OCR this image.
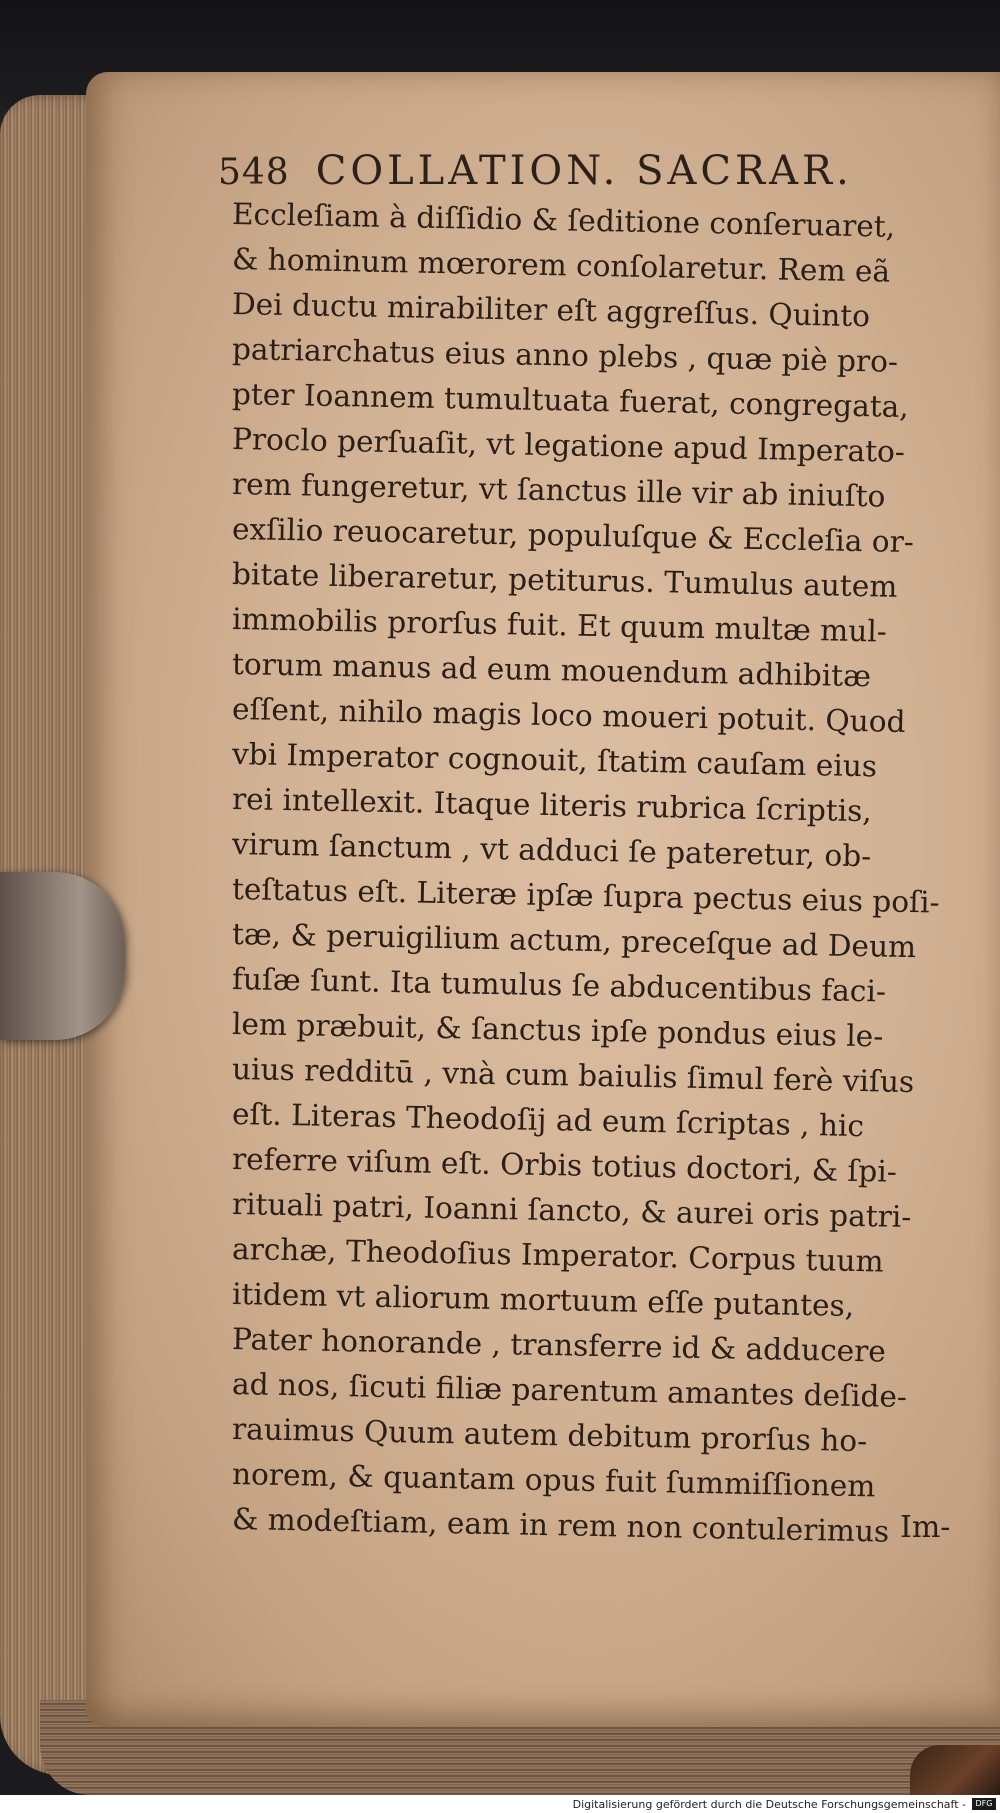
548 COLLATION. SACRAR.
Eccleſiam à diſſidio & ſeditione conſeruaret,
& hominum mœrorem conſolaretur. Rem eã
Dei ductu mirabiliter eſt aggreſſus. Quinto
patriarchatus eius anno plebs , quæ piè pro-
pter Ioannem tumultuata fuerat, congregata,
Proclo perſuaſit, vt legatione apud Imperato-
rem fungeretur, vt ſanctus ille vir ab iniuſto
exſilio reuocaretur, populuſque & Eccleſia or-
bitate liberaretur, petiturus. Tumulus autem
immobilis prorſus fuit. Et quum multæ mul-
torum manus ad eum mouendum adhibitæ
eſſent, nihilo magis loco moueri potuit. Quod
vbi Imperator cognouit, ſtatim cauſam eius
rei intellexit. Itaque literis rubrica ſcriptis,
virum ſanctum , vt adduci ſe pateretur, ob-
teſtatus eſt. Literæ ipſæ ſupra pectus eius poſi-
tæ, & peruigilium actum, preceſque ad Deum
fuſæ ſunt. Ita tumulus ſe abducentibus faci-
lem præbuit, & ſanctus ipſe pondus eius le-
uius redditū , vnà cum baiulis ſimul ferè viſus
eſt. Literas Theodoſij ad eum ſcriptas , hic
referre viſum eſt. Orbis totius doctori, & ſpi-
rituali patri, Ioanni ſancto, & aurei oris patri-
archæ, Theodoſius Imperator. Corpus tuum
itidem vt aliorum mortuum eſſe putantes,
Pater honorande , transferre id & adducere
ad nos, ſicuti filiæ parentum amantes deſide-
rauimus Quum autem debitum prorſus ho-
norem, & quantam opus fuit ſummiſſionem
& modeſtiam, eam in rem non contulerimus Im-
Digitalisierung gefördert durch die Deutsche Forschungsgemeinschaft -	DFG
